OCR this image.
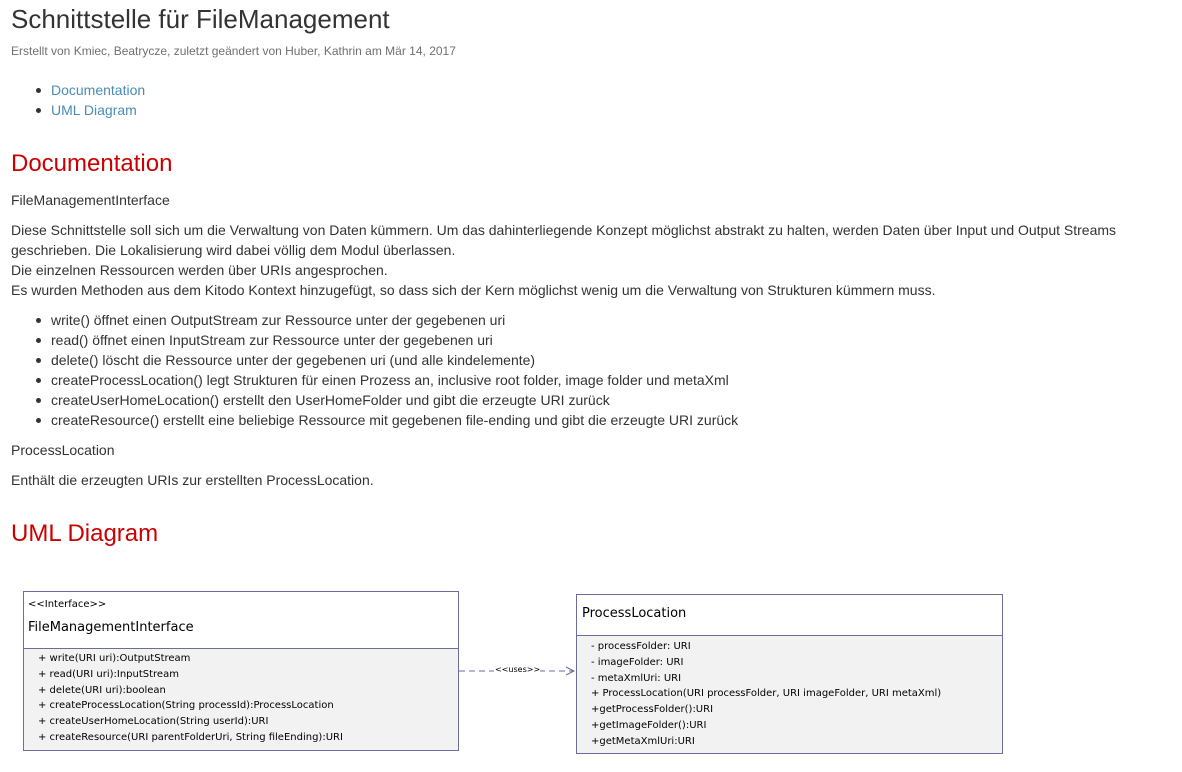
Schnittstelle für FileManagement
Erstellt von Kmiec, Beatrycze, zuletzt geändert von Huber, Kathrin am Mär 14, 2017
Documentation
UML Diagram
Documentation

FileManagementInterface

Diese Schnittstelle soll sich um die Verwaltung von Daten kümmern. Um das dahinterliegende Konzept möglichst abstrakt zu halten, werden Daten über Input und Output Streams geschrieben. Die Lokalisierung wird dabei völlig dem Modul überlassen.
Die einzelnen Ressourcen werden über URIs angesprochen.
Es wurden Methoden aus dem Kitodo Kontext hinzugefügt, so dass sich der Kern möglichst wenig um die Verwaltung von Strukturen kümmern muss.

write() öffnet einen OutputStream zur Ressource unter der gegebenen uri
read() öffnet einen InputStream zur Ressource unter der gegebenen uri
delete() löscht die Ressource unter der gegebenen uri (und alle kindelemente)
createProcessLocation() legt Strukturen für einen Prozess an, inclusive root folder, image folder und metaXml
createUserHomeLocation() erstellt den UserHomeFolder und gibt die erzeugte URI zurück
createResource() erstellt eine beliebige Ressource mit gegebenen file-ending und gibt die erzeugte URI zurück

ProcessLocation

Enthält die erzeugten URIs zur erstellten ProcessLocation.

UML Diagram
<<Interface>>
FileManagementInterface
+ write(URI uri):OutputStream
+ read(URI uri):InputStream
+ delete(URI uri):boolean
+ createProcessLocation(String processId):ProcessLocation
+ createUserHomeLocation(String userId):URI
+ createResource(URI parentFolderUri, String fileEnding):URI
<<uses>>
ProcessLocation
- processFolder: URI
- imageFolder: URI
- metaXmlUri: URI
+ ProcessLocation(URI processFolder, URI imageFolder, URI metaXml)
+getProcessFolder():URI
+getImageFolder():URI
+getMetaXmlUri:URI
